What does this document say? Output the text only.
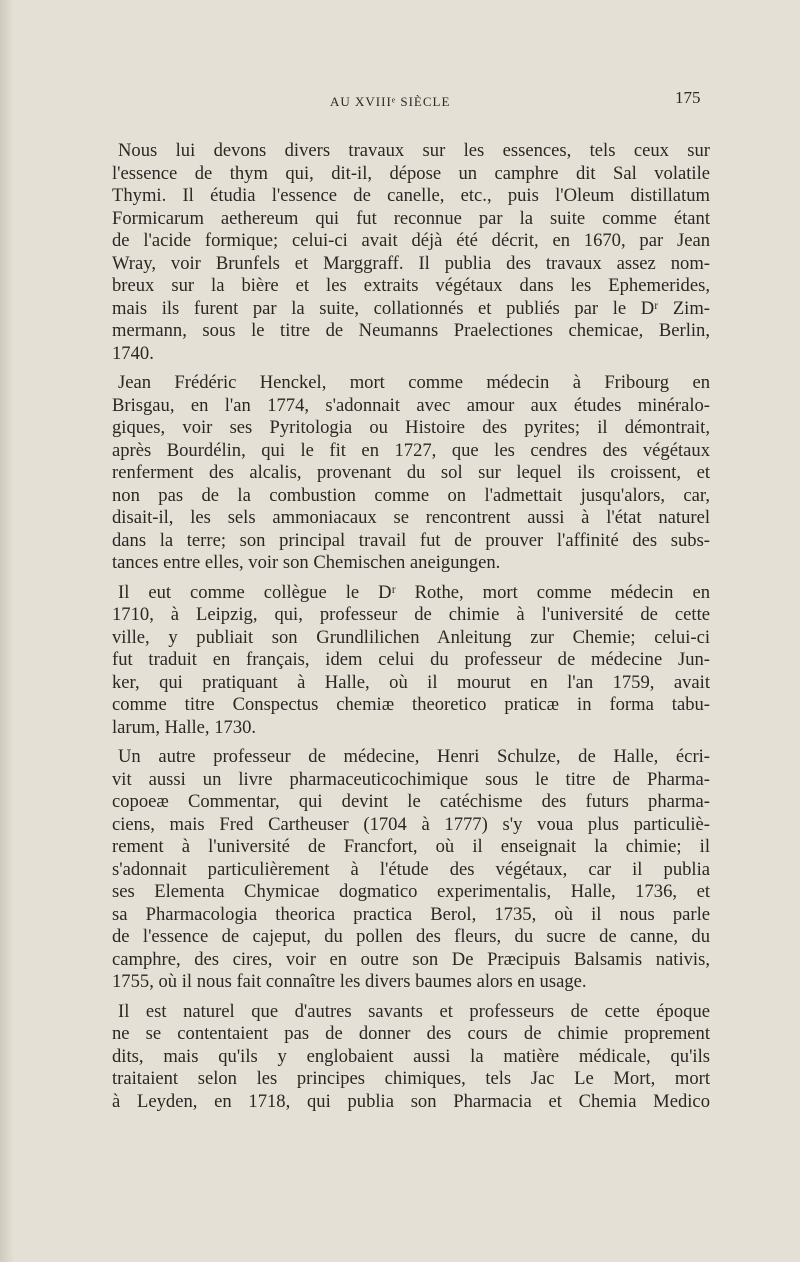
AU XVIIIᵉ SIÈCLE	175

Nous lui devons divers travaux sur les essences, tels ceux sur
l'essence de thym qui, dit-il, dépose un camphre dit Sal volatile
Thymi. Il étudia l'essence de canelle, etc., puis l'Oleum distillatum
Formicarum aethereum qui fut reconnue par la suite comme étant
de l'acide formique; celui-ci avait déjà été décrit, en 1670, par Jean
Wray, voir Brunfels et Marggraff. Il publia des travaux assez nom-
breux sur la bière et les extraits végétaux dans les Ephemerides,
mais ils furent par la suite, collationnés et publiés par le Dʳ Zim-
mermann, sous le titre de Neumanns Praelectiones chemicae, Berlin,
1740.

Jean Frédéric Henckel, mort comme médecin à Fribourg en
Brisgau, en l'an 1774, s'adonnait avec amour aux études minéralo-
giques, voir ses Pyritologia ou Histoire des pyrites; il démontrait,
après Bourdélin, qui le fit en 1727, que les cendres des végétaux
renferment des alcalis, provenant du sol sur lequel ils croissent, et
non pas de la combustion comme on l'admettait jusqu'alors, car,
disait-il, les sels ammoniacaux se rencontrent aussi à l'état naturel
dans la terre; son principal travail fut de prouver l'affinité des subs-
tances entre elles, voir son Chemischen aneigungen.

Il eut comme collègue le Dʳ Rothe, mort comme médecin en
1710, à Leipzig, qui, professeur de chimie à l'université de cette
ville, y publiait son Grundlilichen Anleitung zur Chemie; celui-ci
fut traduit en français, idem celui du professeur de médecine Jun-
ker, qui pratiquant à Halle, où il mourut en l'an 1759, avait
comme titre Conspectus chemiæ theoretico praticæ in forma tabu-
larum, Halle, 1730.

Un autre professeur de médecine, Henri Schulze, de Halle, écri-
vit aussi un livre pharmaceuticochimique sous le titre de Pharma-
copoeæ Commentar, qui devint le catéchisme des futurs pharma-
ciens, mais Fred Cartheuser (1704 à 1777) s'y voua plus particuliè-
rement à l'université de Francfort, où il enseignait la chimie; il
s'adonnait particulièrement à l'étude des végétaux, car il publia
ses Elementa Chymicae dogmatico experimentalis, Halle, 1736, et
sa Pharmacologia theorica practica Berol, 1735, où il nous parle
de l'essence de cajeput, du pollen des fleurs, du sucre de canne, du
camphre, des cires, voir en outre son De Præcipuis Balsamis nativis,
1755, où il nous fait connaître les divers baumes alors en usage.

Il est naturel que d'autres savants et professeurs de cette époque
ne se contentaient pas de donner des cours de chimie proprement
dits, mais qu'ils y englobaient aussi la matière médicale, qu'ils
traitaient selon les principes chimiques, tels Jac Le Mort, mort
à Leyden, en 1718, qui publia son Pharmacia et Chemia Medico
